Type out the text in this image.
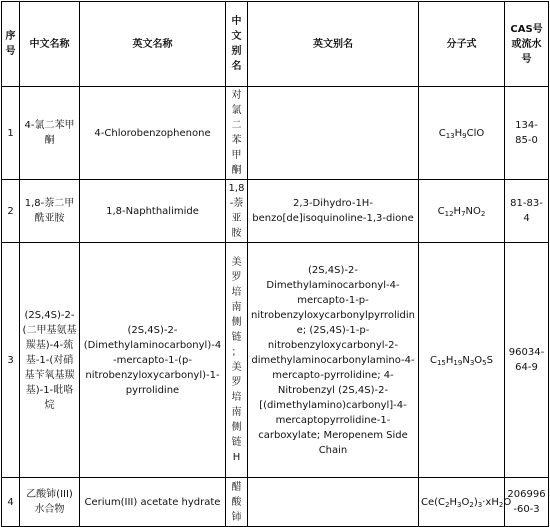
序号	中文名称	英文名称	中文别名	英文别名	分子式	CAS号或流水号
1	4-氯二苯甲酮	4-Chlorobenzophenone	对氯二苯甲酮		$C_{13}H_9ClO$	134-85-0
2	1,8-萘二甲酰亚胺	1,8-Naphthalimide	1,8-萘亚胺	2,3-Dihydro-1H-benzo[de]isoquinoline-1,3-dione	$C_{12}H_7NO_2$	81-83-4
3	(2S,4S)-2-(二甲基氨基羰基)-4-巯基-1-(对硝基苄氧基羰基)-1-吡咯烷	(2S,4S)-2-(Dimethylaminocarbonyl)-4-mercapto-1-(p-nitrobenzyloxycarbonyl)-1-pyrrolidine	美罗培南侧链；美罗培南侧链H	(2S,4S)-2-Dimethylaminocarbonyl-4-mercapto-1-p-nitrobenzyloxycarbonylpyrrolidine; (2S,4S)-1-p-nitrobenzyloxycarbonyl-2-dimethylaminocarbonylamino-4-mercapto-pyrrolidine; 4-Nitrobenzyl (2S,4S)-2-[(dimethylamino)carbonyl]-4-mercaptopyrrolidine-1-carboxylate; Meropenem Side Chain	$C_{15}H_{19}N_3O_5S$	96034-64-9
4	乙酸铈(III)水合物	Cerium(III) acetate hydrate	醋酸铈		$Ce(C_2H_3O_2)_3\cdot xH_2O$	206996-60-3
